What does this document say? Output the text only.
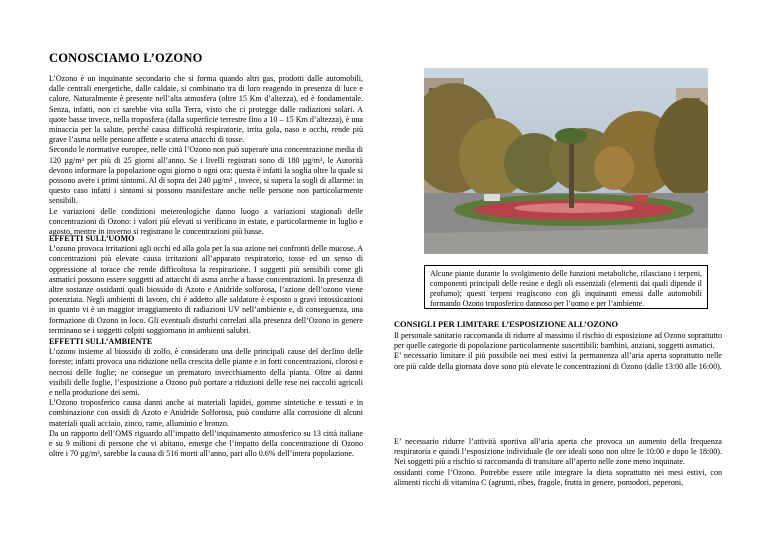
CONOSCIAMO L’OZONO

L’Ozono è un inquinante secondario che si forma quando altri gas, prodotti dalle automobili, dalle centrali energetiche, dalle caldaie, si combinano tra di loro reagendo in presenza di luce e calore. Naturalmente è presente nell’alta atmosfera (oltre 15 Km d’altezza), ed è fondamentale. Senza, infatti, non ci sarebbe vita sulla Terra, visto che ci protegge dalle radiazioni solari. A quote basse invece, nella troposfera (dalla superficie terrestre fino a 10 – 15 Km d’altezza), è una minaccia per la salute, perché causa difficoltà respiratorie, irrita gola, naso e occhi, rende più grave l’asma nelle persone affette e scatena attacchi di tosse.

Secondo le normative europee, nelle città l’Ozono non può superare una concentrazione media di 120 µg/m³ per più di 25 giorni all’anno. Se i livelli registrati sono di 180 µg/m³, le Autorità devono informare la popolazione ogni giorno o ogni ora: questa è infatti la soglia oltre la quale si possono avere i primi sintomi. Al di sopra dei 240 µg/m³ , invece, si supera la sogli di allarme: in questo caso infatti i sintomi si possono manifestare anche nelle persone non particolarmente sensibili.

Le variazioni delle condizioni metereologiche danno luogo a variazioni stagionali delle concentrazioni di Ozono: i valori più elevati si verificano in estate, e particolarmente in luglio e agosto, mentre in inverno si registrano le concentrazioni più basse.

EFFETTI SULL’UOMO

L’ozono provoca irritazioni agli occhi ed alla gola per la sua azione nei confronti delle mucose. A concentrazioni più elevate causa irritazioni all’apparato respiratorio, tosse ed un senso di oppressione al torace che rende difficoltosa la respirazione. I soggetti più sensibili come gli asmatici possono essere soggetti ad attacchi di asma anche a basse concentrazioni. In presenza di altre sostanze ossidanti quali biossido di Azoto e Anidride solforosa, l’azione dell’ozono viene potenziata. Negli ambienti di lavoro, chi è addetto alle saldature è esposto a gravi intossicazioni in quanto vi è un maggior irraggiamento di radiazioni UV nell’ambiente e, di conseguenza, una formazione di Ozono in loco. Gli eventuali disturbi correlati alla presenza dell’Ozono in genere terminano se i soggetti colpiti soggiornano in ambienti salubri.

EFFETTI SULL’AMBIENTE

L’ozono insieme al biossido di zolfo, è considerato una delle principali cause del declino delle foreste; infatti provoca una riduzione nella crescita delle piante e in forti concentrazioni, clorosi e necrosi delle foglie; ne consegue un prematuro invecchiamento della pianta. Oltre ai danni visibili delle foglie, l’esposizione a Ozono può portare a riduzioni delle rese nei raccolti agricoli e nella produzione dei semi.

L’Ozono troposferico causa danni anche ai materiali lapidei, gomme sintetiche e tessuti e in combinazione con ossidi di Azoto e Anidride Solforosa, può condurre alla corrosione di alcuni materiali quali acciaio, zinco, rame, alluminio e bronzo.

Da un rapporto dell’OMS riguardo all’impatto dell’inquinamento atmosferico su 13 città italiane e su 9 milioni di persone che vi abitano, emerge che l’impatto della concentrazione di Ozono oltre i 70 µg/m³, sarebbe la causa di 516 morti all’anno, pari allo 0.6% dell’intera popolazione.

Alcune piante durante lo svolgimento delle funzioni metaboliche, rilasciano i terpeni, componenti principali delle resine e degli oli essenziali (elementi dai quali dipende il profumo); questi terpeni reagiscono con gli inquinanti emessi dalle automobili formando Ozono troposferico dannoso per l’uomo e per l’ambiente.
CONSIGLI PER LIMITARE L’ESPOSIZIONE ALL’OZONO

Il personale sanitario raccomanda di ridurre al massimo il rischio di esposizione ad Ozono soprattutto per quelle categorie di popolazione particolarmente suscettibili: bambini, anziani, soggetti asmatici.

E’ necessario limitare il più possibile nei mesi estivi la permanenza all’aria aperta soprattutto nelle ore più calde della giornata dove sono più elevate le concentrazioni di Ozono (dalle 13:00 alle 16:00).

E’ necessario ridurre l’attività sportiva all’aria aperta che provoca un aumento della frequenza respiratoria e quindi l’esposizione individuale (le ore ideali sono non oltre le 10:00 e dopo le 18:00). Nei soggetti più a rischio si raccomanda di transitare all’aperto nelle zone meno inquinate.

ossidanti come l’Ozono. Potrebbe essere utile integrare la dieta soprattutto nei mesi estivi, con alimenti ricchi di vitamina C (agrumi, ribes, fragole, frutta in genere, pomodori, peperoni,
